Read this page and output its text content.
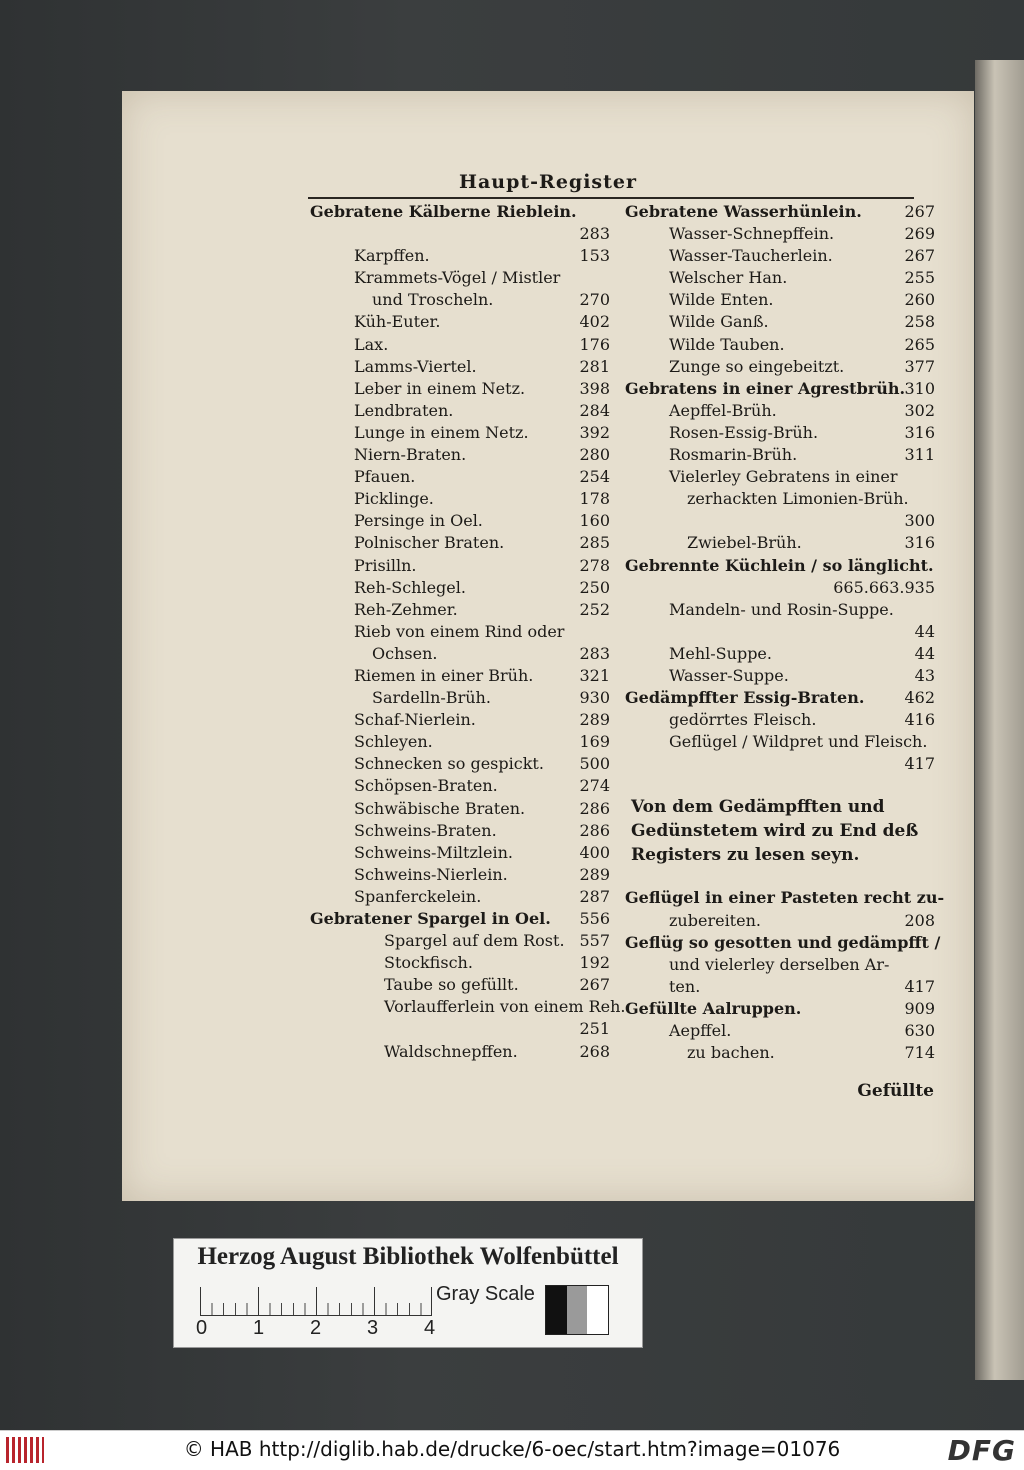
Haupt-Register
Gebratene Kälberne Rieblein.
283
Karpffen.	153
Krammets-Vögel / Mistler
und Troscheln.	270
Küh-Euter.	402
Lax.	176
Lamms-Viertel.	281
Leber in einem Netz.	398
Lendbraten.	284
Lunge in einem Netz.	392
Niern-Braten.	280
Pfauen.	254
Picklinge.	178
Persinge in Oel.	160
Polnischer Braten.	285
Prisilln.	278
Reh-Schlegel.	250
Reh-Zehmer.	252
Rieb von einem Rind oder
Ochsen.	283
Riemen in einer Brüh.	321
Sardelln-Brüh.	930
Schaf-Nierlein.	289
Schleyen.	169
Schnecken so gespickt. 500
Schöpsen-Braten.	274
Schwäbische Braten.	286
Schweins-Braten.	286
Schweins-Miltzlein.	400
Schweins-Nierlein.	289
Spanferckelein.	287
Gebratener Spargel in Oel. 556
Spargel auf dem Rost. 557
Stockfisch.	192
Taube so gefüllt.	267
Vorlaufferlein von einem Reh.
251
Waldschnepffen.	268
Gebratene Wasserhünlein.	267
Wasser-Schnepffein.	269
Wasser-Taucherlein.	267
Welscher Han.	255
Wilde Enten.	260
Wilde Ganß.	258
Wilde Tauben.	265
Zunge so eingebeitzt.	377
Gebratens in einer Agrestbrüh. 310
Aepffel-Brüh.	302
Rosen-Essig-Brüh.	316
Rosmarin-Brüh.	311
Vielerley Gebratens in einer
zerhackten Limonien-Brüh.
300
Zwiebel-Brüh.	316
Gebrennte Küchlein / so länglicht.
665.663.935
Mandeln- und Rosin-Suppe.
44
Mehl-Suppe.	44
Wasser-Suppe.	43
Gedämpffter Essig-Braten.	462
gedörrtes Fleisch.	416
Geflügel / Wildpret und Fleisch.
417
Von dem Gedämpfften und Gedünstetem wird zu End deß Registers zu lesen seyn.
Geflügel in einer Pasteten recht zu-
zubereiten.	208
Geflüg so gesotten und gedämpfft /
und vielerley derselben Ar-
ten.	417
Gefüllte Aalruppen.	909
Aepffel.	630
zu bachen.	714
Gefüllte
Herzog August Bibliothek Wolfenbüttel
0 1 2 3 4
Gray Scale
© HAB http://diglib.hab.de/drucke/6-oec/start.htm?image=01076	DFG
